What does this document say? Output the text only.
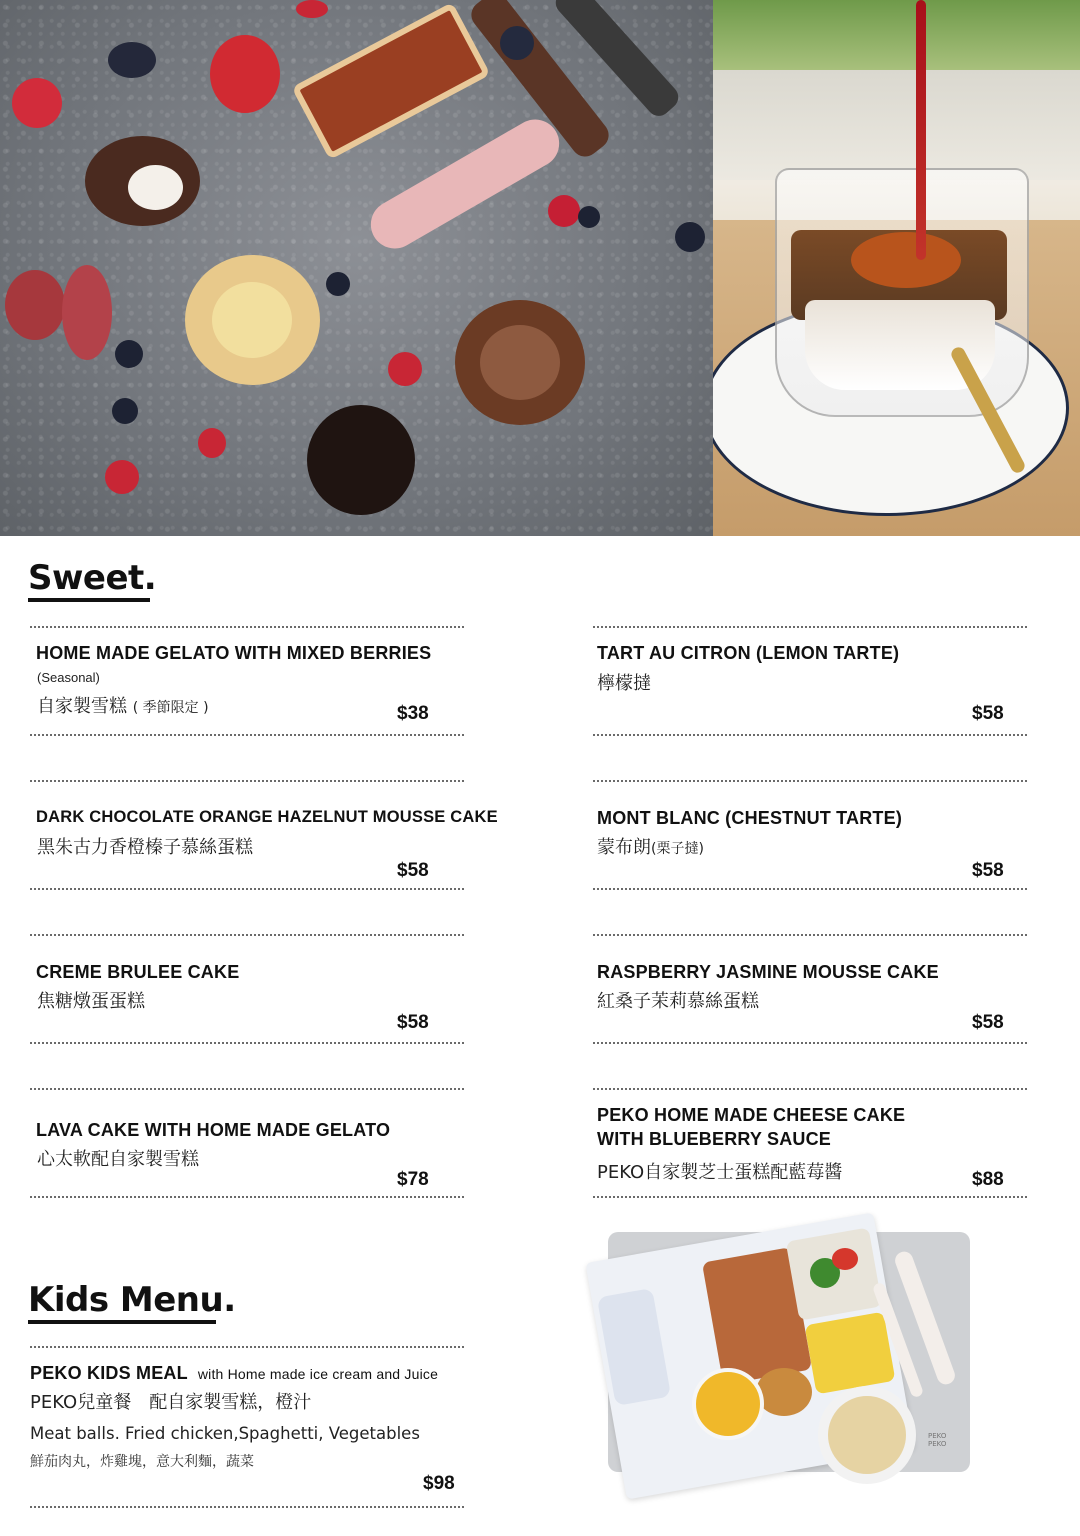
Sweet.
HOME MADE GELATO WITH MIXED BERRIES
(Seasonal)
自家製雪糕 ( 季節限定 )	$38
TART AU CITRON (LEMON TARTE)
檸檬撻
$58
DARK CHOCOLATE ORANGE HAZELNUT MOUSSE CAKE
黑朱古力香橙榛子慕絲蛋糕
$58
MONT BLANC (CHESTNUT TARTE)
蒙布朗(栗子撻)
$58
CREME BRULEE CAKE
焦糖燉蛋蛋糕
$58
RASPBERRY JASMINE MOUSSE CAKE
紅桑子茉莉慕絲蛋糕
$58
LAVA CAKE WITH HOME MADE GELATO
心太軟配自家製雪糕
$78
PEKO HOME MADE CHEESE CAKE
WITH BLUEBERRY SAUCE
PEKO自家製芝士蛋糕配藍莓醬	$88
Kids Menu.
PEKO KIDS MEAL with Home made ice cream and Juice
PEKO兒童餐　配自家製雪糕，橙汁
Meat balls. Fried chicken,Spaghetti, Vegetables
鮮茄肉丸，炸雞塊，意大利麵，蔬菜
$98
PEKO PEKO
